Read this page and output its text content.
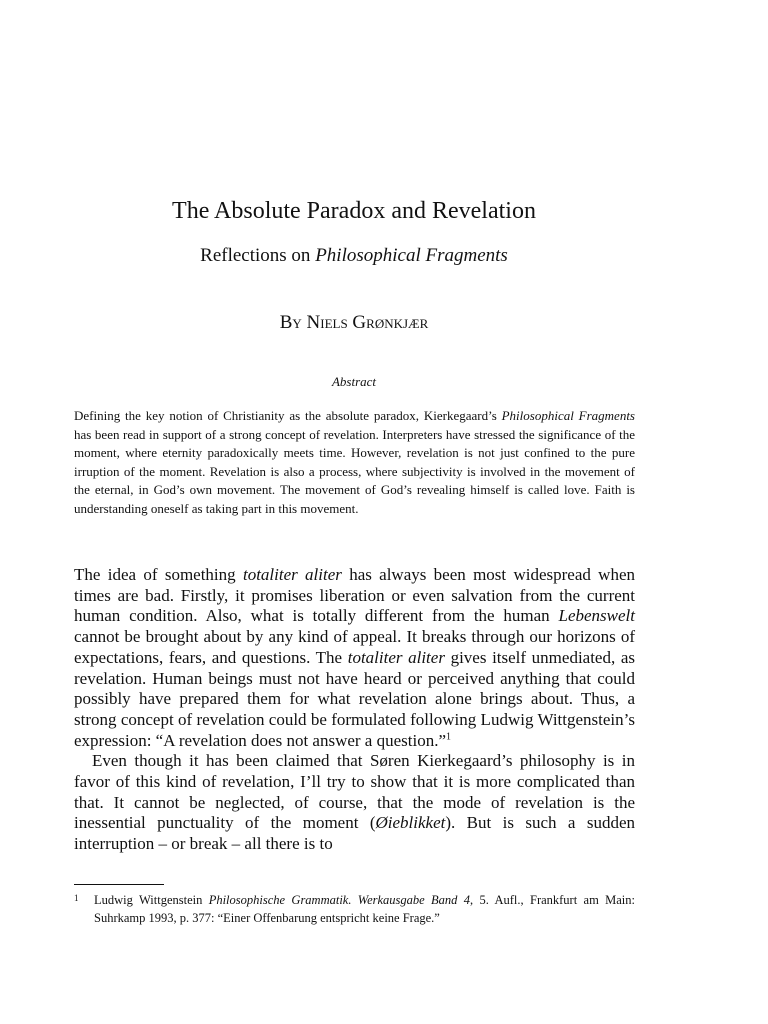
The Absolute Paradox and Revelation
Reflections on Philosophical Fragments
By Niels Grønkjær
Abstract

Defining the key notion of Christianity as the absolute paradox, Kierkegaard’s Philosophical Fragments has been read in support of a strong concept of revelation. Interpreters have stressed the significance of the moment, where eternity paradoxically meets time. However, revelation is not just confined to the pure irruption of the moment. Revelation is also a process, where subjectivity is involved in the movement of the eternal, in God’s own movement. The movement of God’s revealing himself is called love. Faith is understanding oneself as taking part in this movement.

The idea of something totaliter aliter has always been most widespread when times are bad. Firstly, it promises liberation or even salvation from the current human condition. Also, what is totally different from the human Lebenswelt cannot be brought about by any kind of appeal. It breaks through our horizons of expectations, fears, and questions. The totaliter aliter gives itself unmediated, as revelation. Human beings must not have heard or perceived anything that could possibly have prepared them for what revelation alone brings about. Thus, a strong concept of revelation could be formulated following Ludwig Wittgenstein’s expression: “A revelation does not answer a question.”$^1$

Even though it has been claimed that Søren Kierkegaard’s philosophy is in favor of this kind of revelation, I’ll try to show that it is more complicated than that. It cannot be neglected, of course, that the mode of revelation is the inessential punctuality of the moment (Øieblikket). But is such a sudden interruption – or break – all there is to

1	Ludwig Wittgenstein Philosophische Grammatik. Werkausgabe Band 4, 5. Aufl., Frankfurt am Main: Suhrkamp 1993, p. 377: “Einer Offenbarung entspricht keine Frage.”
